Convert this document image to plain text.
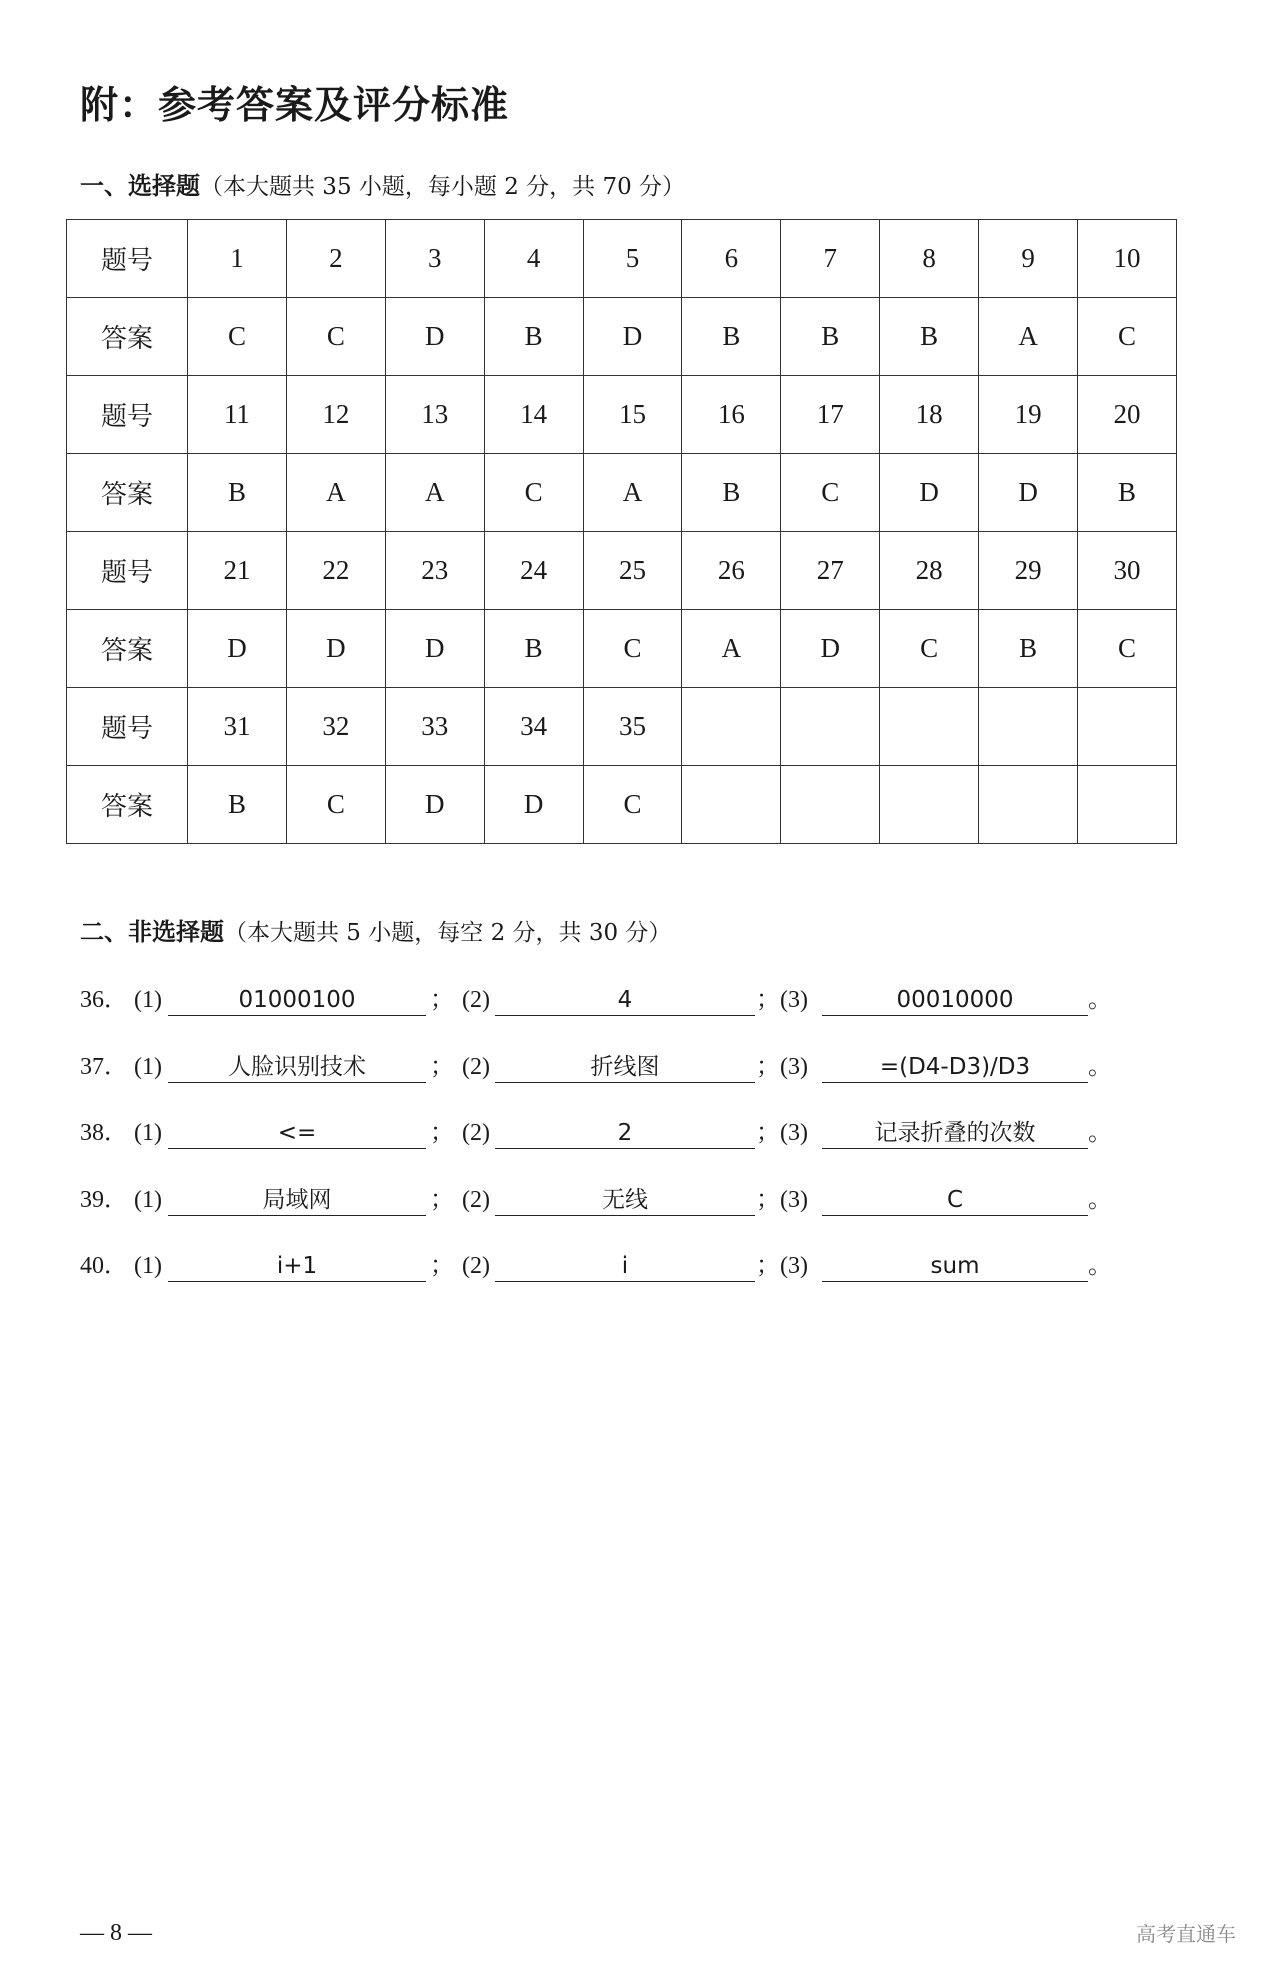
附：参考答案及评分标准
一、选择题（本大题共 35 小题，每小题 2 分，共 70 分）
题号	1	2	3	4	5	6	7	8	9	10
答案	C	C	D	B	D	B	B	B	A	C
题号	11	12	13	14	15	16	17	18	19	20
答案	B	A	A	C	A	B	C	D	D	B
题号	21	22	23	24	25	26	27	28	29	30
答案	D	D	D	B	C	A	D	C	B	C
题号	31	32	33	34	35					
答案	B	C	D	D	C					
二、非选择题（本大题共 5 小题，每空 2 分，共 30 分）
36． (1)	01000100	； (2)	4	； (3)	00010000	。
37． (1)	人脸识别技术	； (2)	折线图	； (3)	=(D4-D3)/D3	。
38． (1)	<=	； (2)	2	； (3)	记录折叠的次数	。
39． (1)	局域网	； (2)	无线	； (3)	C	。
40． (1)	i+1	； (2)	i	； (3)	sum	。
— 8 —	高考直通车
